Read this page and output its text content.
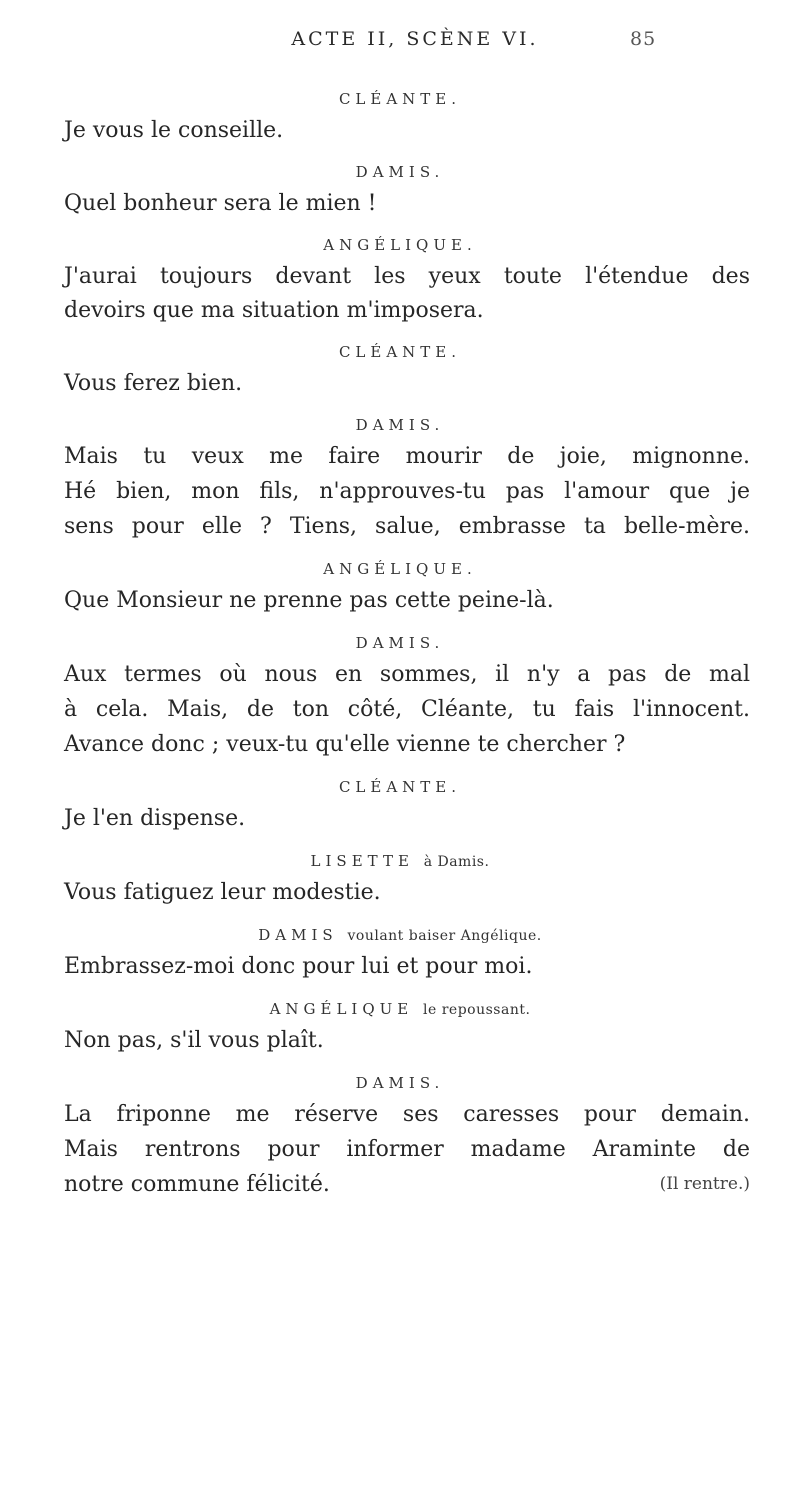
ACTE II, SCÈNE VI.	85
CLÉANTE.
Je vous le conseille.
DAMIS.
Quel bonheur sera le mien !
ANGÉLIQUE.
J'aurai toujours devant les yeux toute l'étendue des
devoirs que ma situation m'imposera.
CLÉANTE.
Vous ferez bien.
DAMIS.
Mais tu veux me faire mourir de joie, mignonne.
Hé bien, mon fils, n'approuves-tu pas l'amour que je
sens pour elle ? Tiens, salue, embrasse ta belle-mère.
ANGÉLIQUE.
Que Monsieur ne prenne pas cette peine-là.
DAMIS.
Aux termes où nous en sommes, il n'y a pas de mal
à cela. Mais, de ton côté, Cléante, tu fais l'innocent.
Avance donc ; veux-tu qu'elle vienne te chercher ?
CLÉANTE.
Je l'en dispense.
LISETTE à Damis.
Vous fatiguez leur modestie.
DAMIS voulant baiser Angélique.
Embrassez-moi donc pour lui et pour moi.
ANGÉLIQUE le repoussant.
Non pas, s'il vous plaît.
DAMIS.
La friponne me réserve ses caresses pour demain.
Mais rentrons pour informer madame Araminte de
notre commune félicité.	(Il rentre.)
